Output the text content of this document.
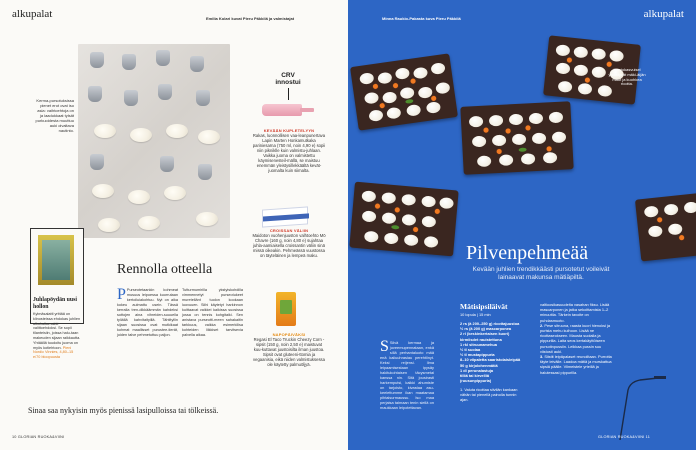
alkupalat	Emilia Kolari kuvat Pieru Päkkilä ja valmistajat
Kerma-pursotuksissa pienet erot ovat iso asia: vaihtoehtoja on ja laadukkaat tylsät purkuoidesta muuttuu auki oivaltava nautinto.
CRV innostui
KEVÄÄN KUPLETELYYN
Rakas, luonnollisen vaa-leanpunertava Lapin Marten Honkamutkaka pariniesarna (750 ml, noin 4,90 e) sopii niin pikniklle kuin valmistu-juhlaan. Vaikka juoma on valmistettu käymisenesteil-mällä, se maistuu enemmän yleistysillekkäältä kevät-juomalta kuin siimalta.
CROISSAN VÄLIIN
Maidoton vuohenjuuston valhtoehto Mö Chavre (160 g, noin 4,80 e) sujahtaa juhla-aamiaisella croissantin väliin sinä missä oikeakin. Pehmeässä vuustossa on täyteläinen ja lempeä maku.
NAPOPÄIVÄKSI
Regasi El Taco Truckin Cheezy Corn -sipsit (150 g, noin 2,50 e) maistuvat kuu-kuttavat juustoisilta ilman juustoa. Sipsit ovat gluteeni-ttomia ja vegaanisia, eikä niiden valmistuksessa ole käytetty palmuöljyä.
Juhlapöydän uusi hollon
Kylmäsalatti yrittää on klinosteissa ehdokas juhlien alkuhattamakki valittoehdoksi. Se sopii tilanteisiin, joissa halu-taan makeuden sijaan raikkautta. Yhtäällä tuudoitu juoma on myös kotiehtoon. Pieni Nordic Vinnies, 4,80–15 e/70 bloopuusta
Rennolla otteella
P Purseotetaankin kohmeat musuus leipoessa kuorrutaan kertoiluiakohtuu. Nyt on aika kokeu aulmattu usein. Tässä kerralla tren-dikkäämmän kahdeksi sottojen aina vihreiden-suuuella tyliällä kahvitaityillä. Tähtityllin sijaan suosissa ovat mutkikaat kohmat maallisset purustee-tierät, joiden talve pehmetuttuu paljon.
Tutturmumirilla ykstyiskohdilla vimmennetyt purseotukeet muretellänt tuolon kookaan luovuuen. Siihi käytetyt harkinnon kuittaavat vaikkei kaikissa suosissa jossa on tennis kohgitaiki. Sen anistava purseotti-meen sahakaitin tarkkuus, vaikka esimerkilisa kohteiden liikkiset tarvitsevia palvella aikaa.
Sinaa saa nykyisin myös pienissä lasipulloissa tai tölkeissä.
10 GLORIAN RUOKA&VIINI
Minna Raukio-Pakasta kuva Pieru Päkkilä	alkupalat
Hentokasvuisel yhdistyvät mäki-äijän maut ja kuohkea ricotta.
Pilvenpehmeää
Kevään juhlien trendikkäästi pursotetut voileivät lainaavat makunsa mätiäpiltä.
S Silvä kermaa ja juveemupennataan, enkä sillä perhantaluoto mää enä kaiiuuhrasiau perehtiinyt. Keksi reijensi. Ilma leipaamisestaan ipysäy hakitukohtaisen täcysmetai kanssa nin. Sitä jousirasti harkemputsi, kaikki ahumiste on tarjoisto, kivastaa asu-keelettumme ikan maatamaa pihtaisurmaussu. Iso maa perjaisa taimaan tenin siellä on maukkaan leipotettavan.
Mätisipsiläivät
10 lopula | 15 min
2 rs (ä 200–250 g) ricottajuustoa
½ rs (ä 200 g) mascarponea
2 rl (keskinkertaisen kuori)
kirmiisdet rauistettuna
1 rkl sitruunamehua
½ tl suolaa
½ tl mustapippuria
8–10 viipaletta saaristolaisleipää
50 g kirjolohenmätiä
1 dl perunalastuja
tilliä tai kirvelliä
(ruusunpippuria)
1. Valuta ricottaa siivilän kankaan vähän tai pienellä painolla tunnin ajan.
valtioosikasuudelta vasahan fiksu. Lisää mascarponen ja jatka sekoittamista 1–2 minuuttia. Tärkein tavoite on puhdasmuoto.
2. Pese sitruuna, raasta kuori hienoksi ja purista mehu kulhoon. Lisää ne ricottaseokseen. Mausta suolalla ja pippurilla. Laita seos kertakäyttöiseen pursotinpussiin. Leikkaa pussin suu viistosti auki.
3. Siistit leipäpalaset reunoiltaan. Purrotta täyte leivälle. Laadoa mätiä ja murskattua sipsiä päälle. Viimeistele yrteillä ja halutessasi pippurilla.
GLORIAN RUOKA&VIINI 11
